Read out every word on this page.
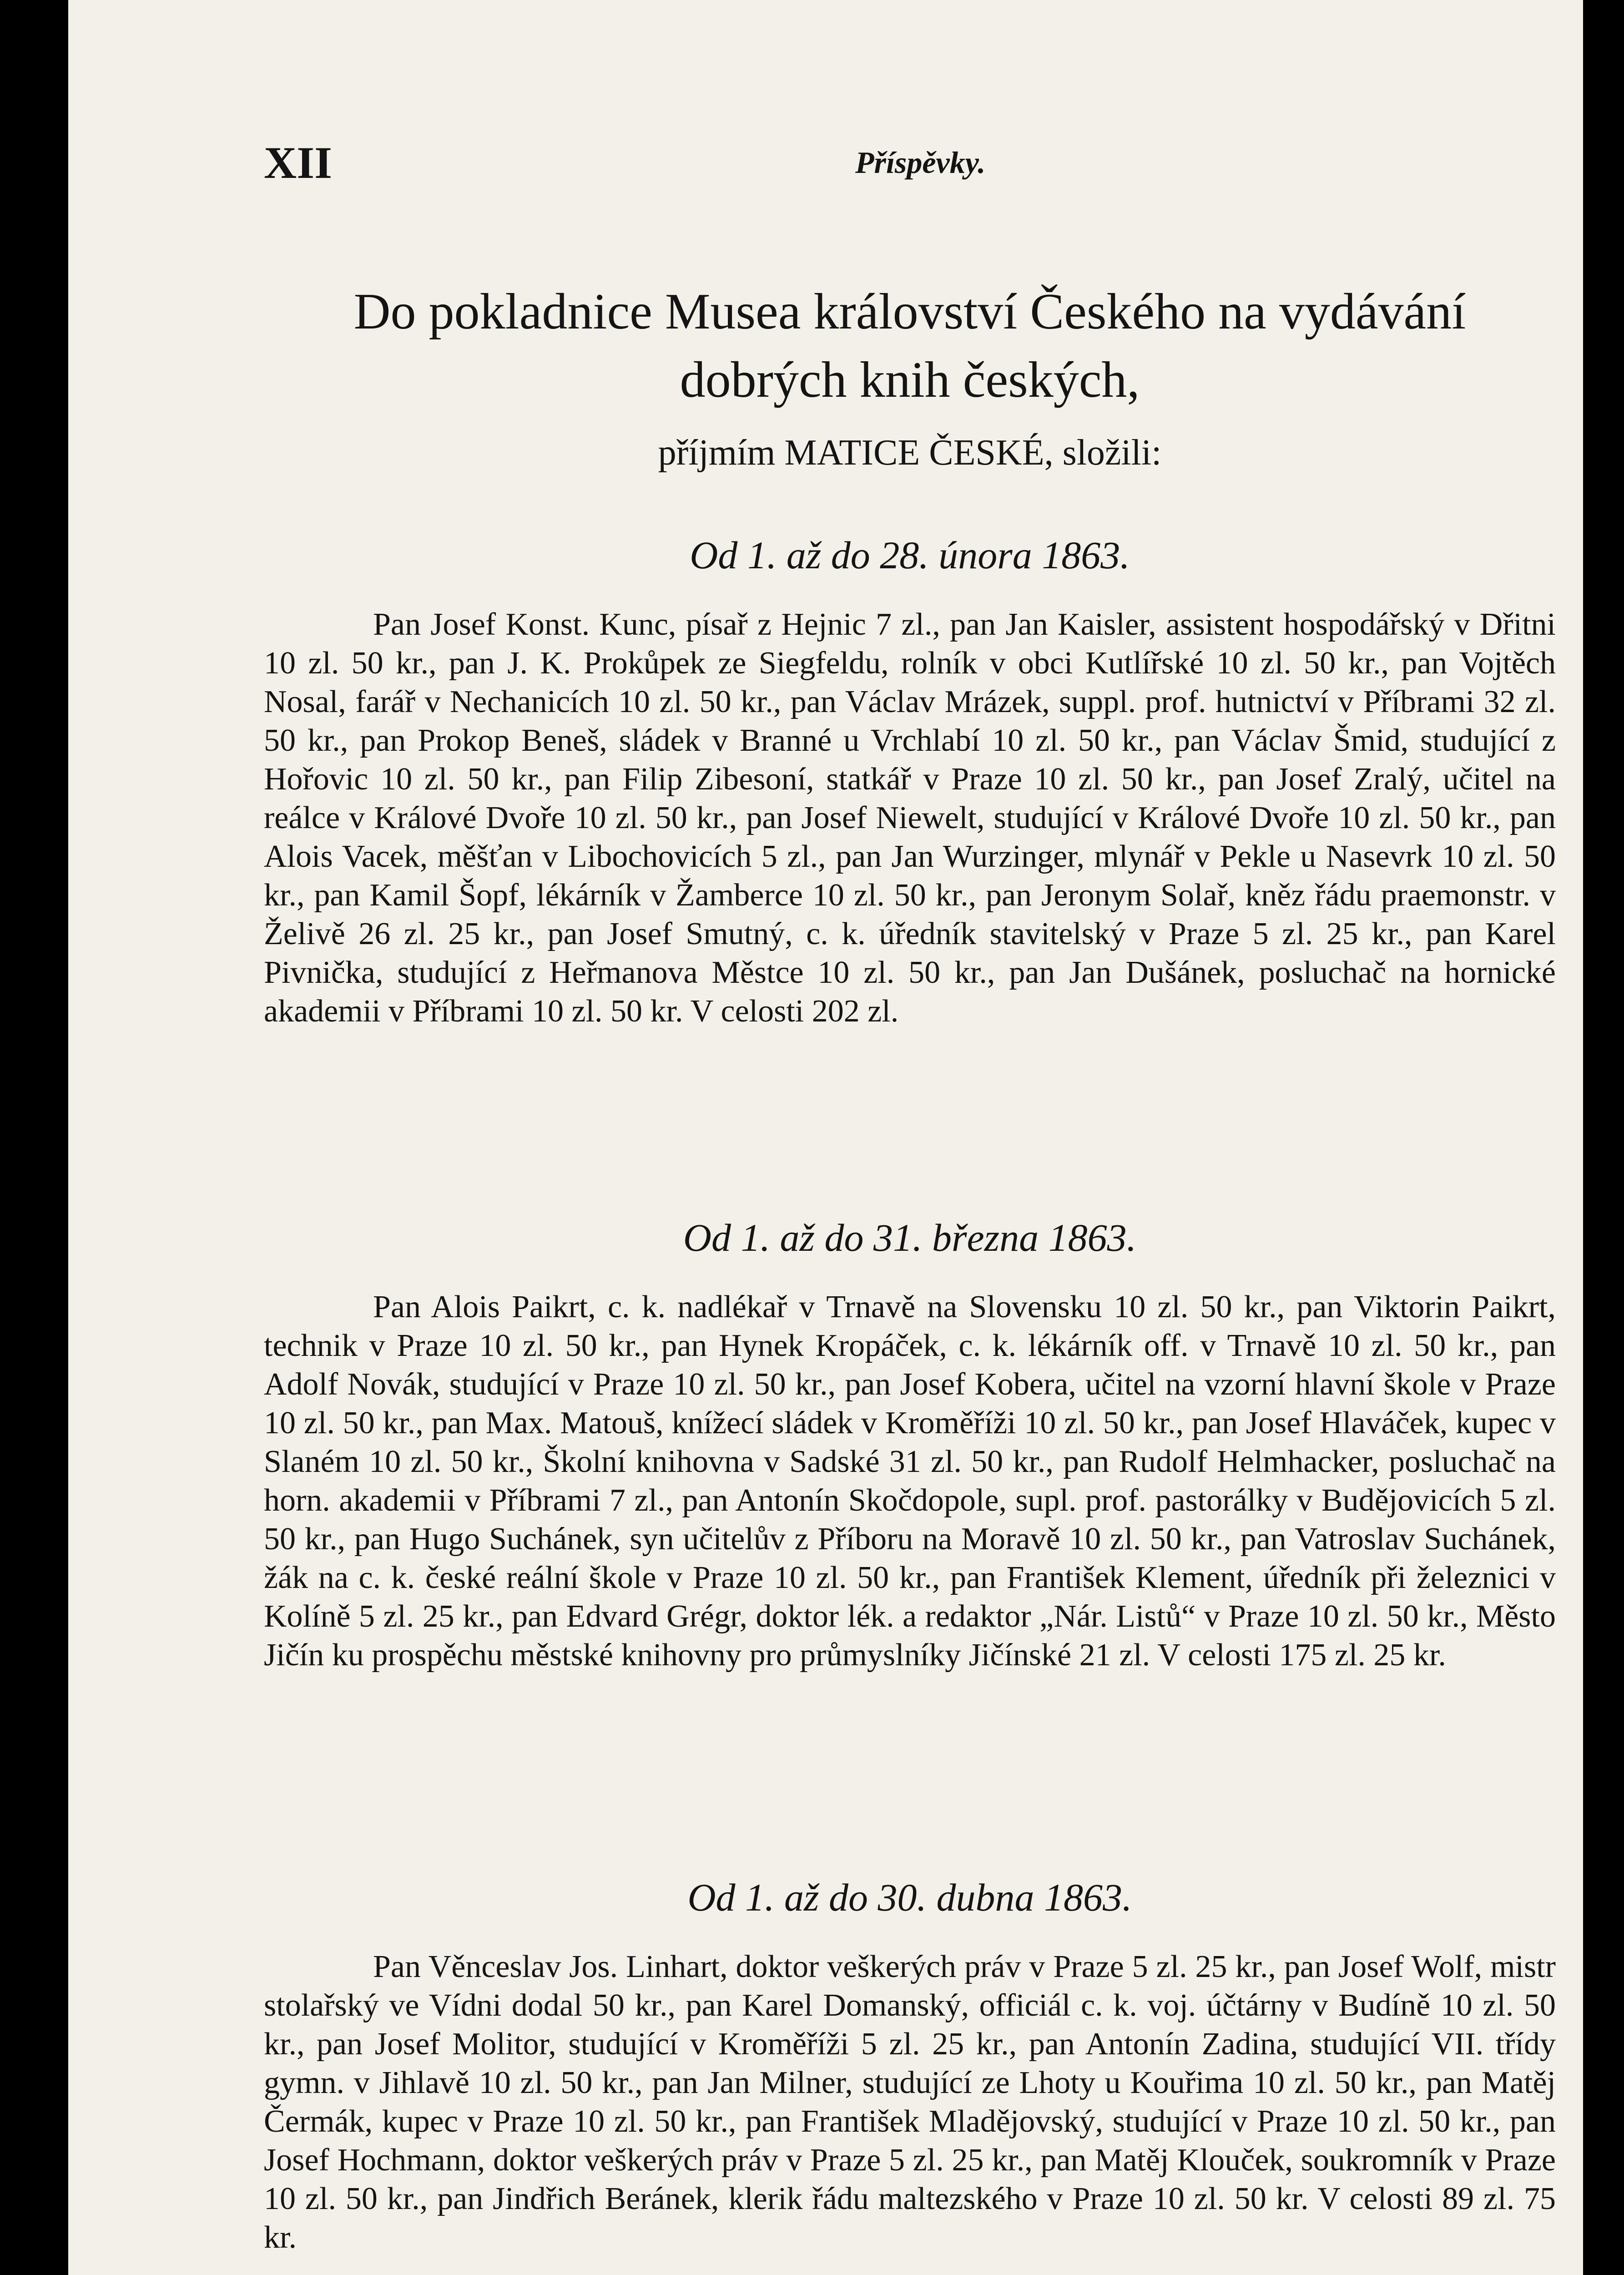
XII	Příspěvky.
Do pokladnice Musea království Českého na vydávání
dobrých knih českých,
příjmím MATICE ČESKÉ, složili:
Od 1. až do 28. února 1863.
Pan Josef Konst. Kunc, písař z Hejnic 7 zl., pan Jan Kaisler, assistent hospodářský v Dřitni 10 zl. 50 kr., pan J. K. Prokůpek ze Siegfeldu, rolník v obci Kutlířské 10 zl. 50 kr., pan Vojtěch Nosal, farář v Nechanicích 10 zl. 50 kr., pan Václav Mrázek, suppl. prof. hutnictví v Příbrami 32 zl. 50 kr., pan Prokop Beneš, sládek v Branné u Vrchlabí 10 zl. 50 kr., pan Václav Šmid, studující z Hořovic 10 zl. 50 kr., pan Filip Zibesoní, statkář v Praze 10 zl. 50 kr., pan Josef Zralý, učitel na reálce v Králové Dvoře 10 zl. 50 kr., pan Josef Niewelt, studující v Králové Dvoře 10 zl. 50 kr., pan Alois Vacek, měšťan v Libochovicích 5 zl., pan Jan Wurzinger, mlynář v Pekle u Nasevrk 10 zl. 50 kr., pan Kamil Šopf, lékárník v Žamberce 10 zl. 50 kr., pan Jeronym Solař, kněz řádu praemonstr. v Želivě 26 zl. 25 kr., pan Josef Smutný, c. k. úředník stavitelský v Praze 5 zl. 25 kr., pan Karel Pivnička, studující z Heřmanova Městce 10 zl. 50 kr., pan Jan Dušánek, posluchač na hornické akademii v Příbrami 10 zl. 50 kr. V celosti 202 zl.
Od 1. až do 31. března 1863.
Pan Alois Paikrt, c. k. nadlékař v Trnavě na Slovensku 10 zl. 50 kr., pan Viktorin Paikrt, technik v Praze 10 zl. 50 kr., pan Hynek Kropáček, c. k. lékárník off. v Trnavě 10 zl. 50 kr., pan Adolf Novák, studující v Praze 10 zl. 50 kr., pan Josef Kobera, učitel na vzorní hlavní škole v Praze 10 zl. 50 kr., pan Max. Matouš, knížecí sládek v Kroměříži 10 zl. 50 kr., pan Josef Hlaváček, kupec v Slaném 10 zl. 50 kr., Školní knihovna v Sadské 31 zl. 50 kr., pan Rudolf Helmhacker, posluchač na horn. akademii v Příbrami 7 zl., pan Antonín Skočdopole, supl. prof. pastorálky v Budějovicích 5 zl. 50 kr., pan Hugo Suchánek, syn učitelův z Příboru na Moravě 10 zl. 50 kr., pan Vatroslav Suchánek, žák na c. k. české reální škole v Praze 10 zl. 50 kr., pan František Klement, úředník při železnici v Kolíně 5 zl. 25 kr., pan Edvard Grégr, doktor lék. a redaktor „Nár. Listů“ v Praze 10 zl. 50 kr., Město Jičín ku prospěchu městské knihovny pro průmyslníky Jičínské 21 zl. V celosti 175 zl. 25 kr.
Od 1. až do 30. dubna 1863.
Pan Věnceslav Jos. Linhart, doktor veškerých práv v Praze 5 zl. 25 kr., pan Josef Wolf, mistr stolařský ve Vídni dodal 50 kr., pan Karel Domanský, officiál c. k. voj. účtárny v Budíně 10 zl. 50 kr., pan Josef Molitor, studující v Kroměříži 5 zl. 25 kr., pan Antonín Zadina, studující VII. třídy gymn. v Jihlavě 10 zl. 50 kr., pan Jan Milner, studující ze Lhoty u Kouřima 10 zl. 50 kr., pan Matěj Čermák, kupec v Praze 10 zl. 50 kr., pan František Mladějovský, studující v Praze 10 zl. 50 kr., pan Josef Hochmann, doktor veškerých práv v Praze 5 zl. 25 kr., pan Matěj Klouček, soukromník v Praze 10 zl. 50 kr., pan Jindřich Beránek, klerik řádu maltezského v Praze 10 zl. 50 kr. V celosti 89 zl. 75 kr.
